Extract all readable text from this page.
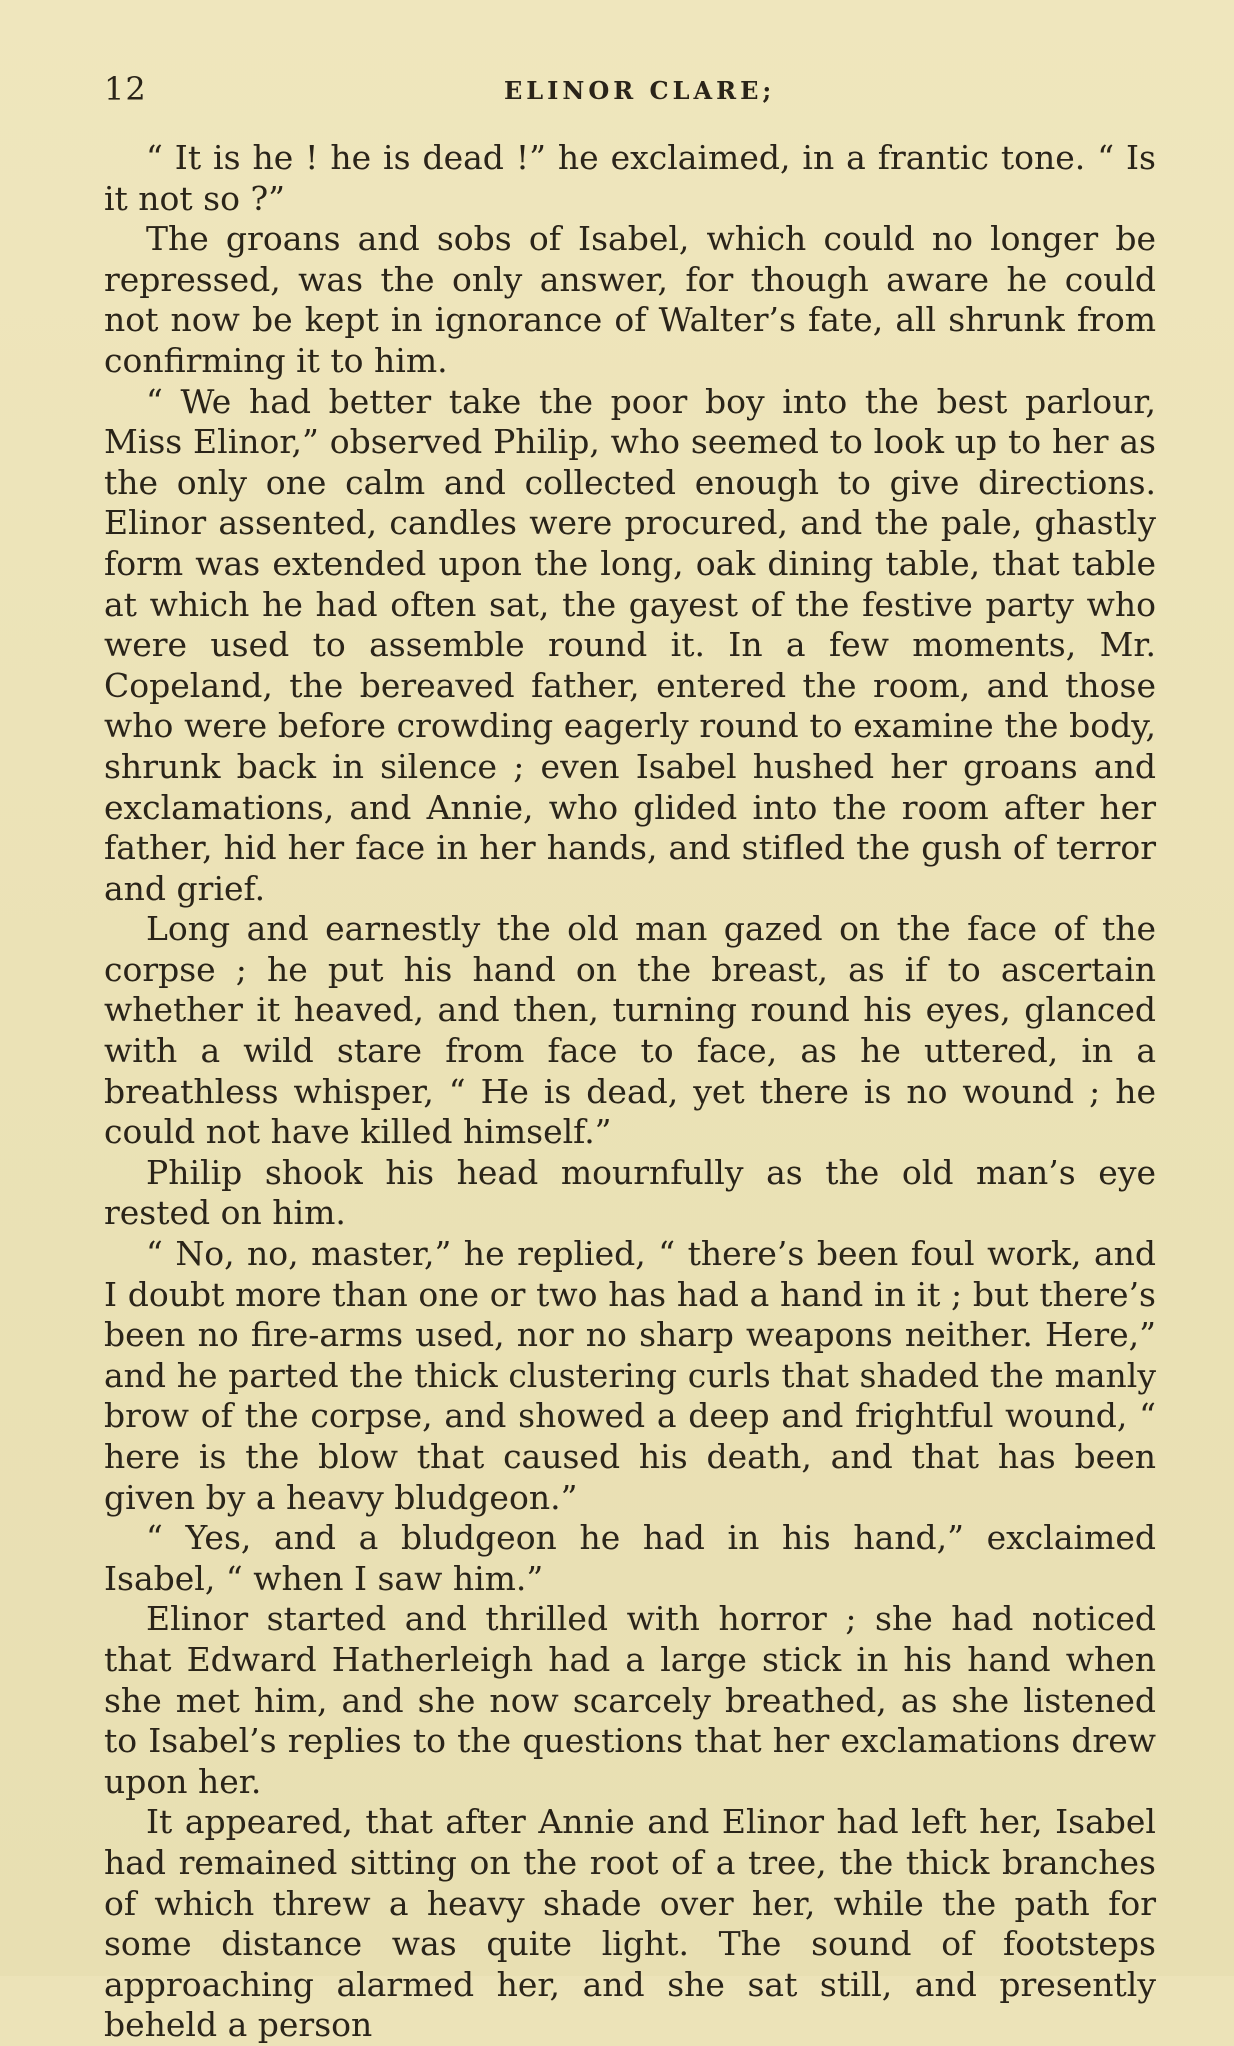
12	ELINOR CLARE;

“ It is he ! he is dead !” he exclaimed, in a frantic tone. “ Is it not so ?”

The groans and sobs of Isabel, which could no longer be repressed, was the only answer, for though aware he could not now be kept in ignorance of Walter’s fate, all shrunk from confirming it to him.

“ We had better take the poor boy into the best parlour, Miss Elinor,” observed Philip, who seemed to look up to her as the only one calm and collected enough to give directions. Elinor assented, candles were procured, and the pale, ghastly form was extended upon the long, oak dining table, that table at which he had often sat, the gayest of the festive party who were used to assemble round it. In a few moments, Mr. Copeland, the bereaved father, entered the room, and those who were before crowding eagerly round to examine the body, shrunk back in silence ; even Isabel hushed her groans and exclamations, and Annie, who glided into the room after her father, hid her face in her hands, and stifled the gush of terror and grief.

Long and earnestly the old man gazed on the face of the corpse ; he put his hand on the breast, as if to ascertain whether it heaved, and then, turning round his eyes, glanced with a wild stare from face to face, as he uttered, in a breathless whisper, “ He is dead, yet there is no wound ; he could not have killed himself.”

Philip shook his head mournfully as the old man’s eye rested on him.

“ No, no, master,” he replied, “ there’s been foul work, and I doubt more than one or two has had a hand in it ; but there’s been no fire-arms used, nor no sharp weapons neither. Here,” and he parted the thick clustering curls that shaded the manly brow of the corpse, and showed a deep and frightful wound, “ here is the blow that caused his death, and that has been given by a heavy bludgeon.”

“ Yes, and a bludgeon he had in his hand,” exclaimed Isabel, “ when I saw him.”

Elinor started and thrilled with horror ; she had noticed that Edward Hatherleigh had a large stick in his hand when she met him, and she now scarcely breathed, as she listened to Isabel’s replies to the questions that her exclamations drew upon her.

It appeared, that after Annie and Elinor had left her, Isabel had remained sitting on the root of a tree, the thick branches of which threw a heavy shade over her, while the path for some distance was quite light. The sound of footsteps approaching alarmed her, and she sat still, and presently beheld a person
